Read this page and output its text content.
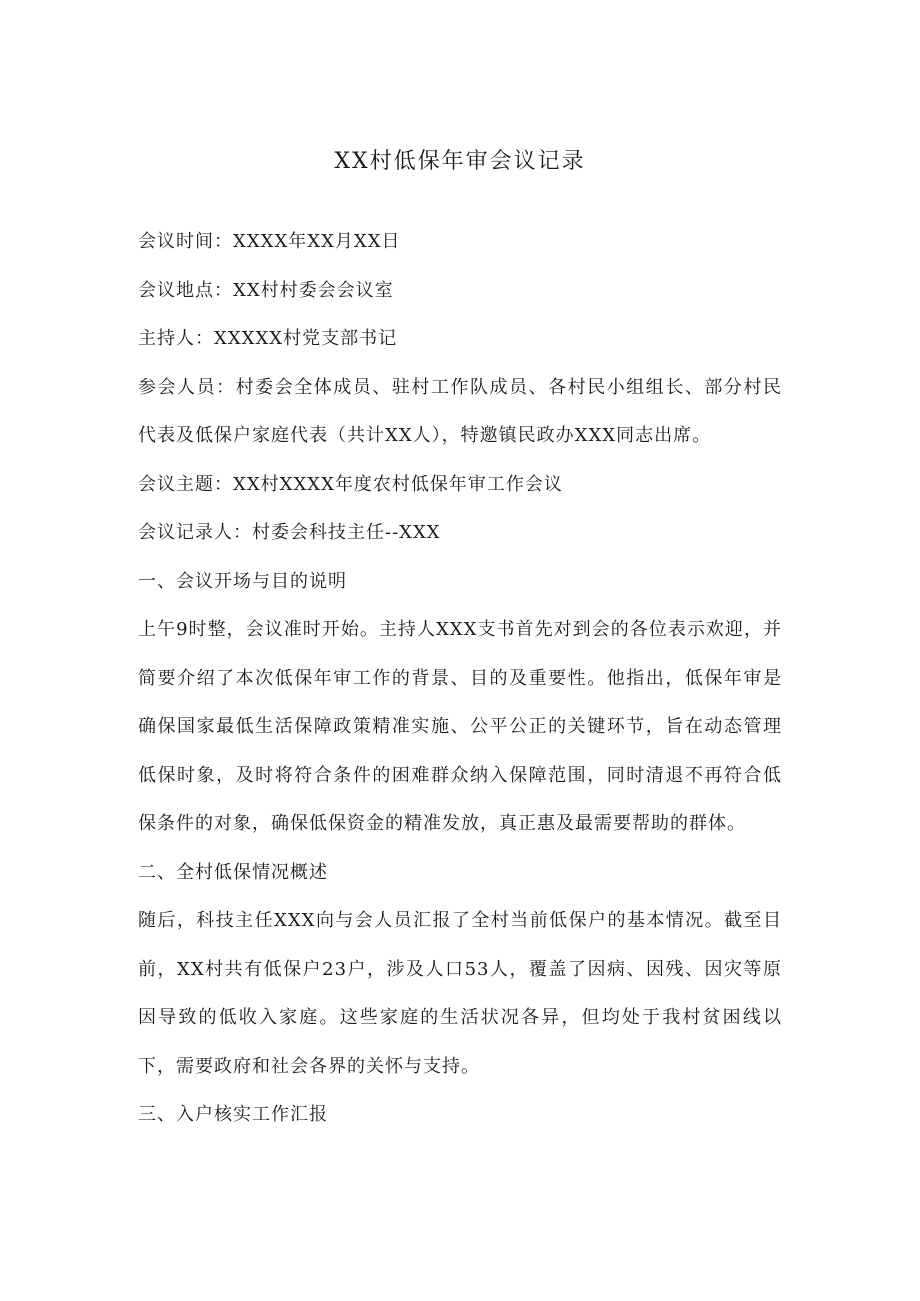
XX村低保年审会议记录
会议时间：XXXX年XX月XX日
会议地点：XX村村委会会议室
主持人：XXXXX村党支部书记
参会人员：村委会全体成员、驻村工作队成员、各村民小组组长、部分村民代表及低保户家庭代表（共计XX人），特邀镇民政办XXX同志出席。
会议主题：XX村XXXX年度农村低保年审工作会议
会议记录人：村委会科技主任--XXX
一、会议开场与目的说明
上午9时整，会议准时开始。主持人XXX支书首先对到会的各位表示欢迎，并简要介绍了本次低保年审工作的背景、目的及重要性。他指出，低保年审是确保国家最低生活保障政策精准实施、公平公正的关键环节，旨在动态管理低保时象，及时将符合条件的困难群众纳入保障范围，同时清退不再符合低保条件的对象，确保低保资金的精准发放，真正惠及最需要帮助的群体。
二、全村低保情况概述
随后，科技主任XXX向与会人员汇报了全村当前低保户的基本情况。截至目前，XX村共有低保户23户，涉及人口53人，覆盖了因病、因残、因灾等原因导致的低收入家庭。这些家庭的生活状况各异，但均处于我村贫困线以下，需要政府和社会各界的关怀与支持。
三、入户核实工作汇报
